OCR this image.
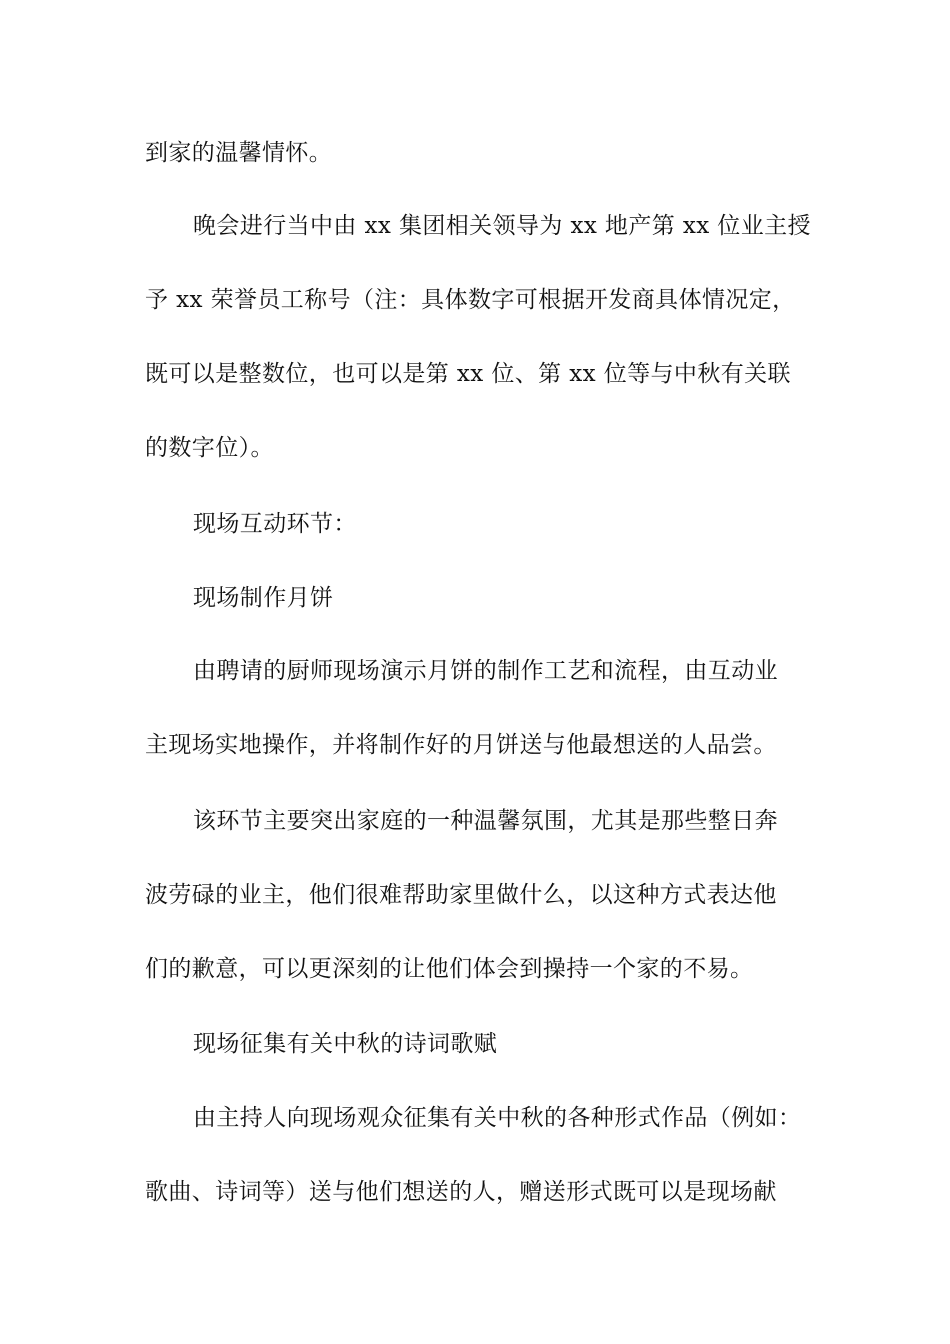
到家的温馨情怀。
晚会进行当中由 xx 集团相关领导为 xx 地产第 xx 位业主授
予 xx 荣誉员工称号（注：具体数字可根据开发商具体情况定，
既可以是整数位，也可以是第 xx 位、第 xx 位等与中秋有关联
的数字位）。
现场互动环节：
现场制作月饼
由聘请的厨师现场演示月饼的制作工艺和流程，由互动业
主现场实地操作，并将制作好的月饼送与他最想送的人品尝。
该环节主要突出家庭的一种温馨氛围，尤其是那些整日奔
波劳碌的业主，他们很难帮助家里做什么，以这种方式表达他
们的歉意，可以更深刻的让他们体会到操持一个家的不易。
现场征集有关中秋的诗词歌赋
由主持人向现场观众征集有关中秋的各种形式作品（例如：
歌曲、诗词等）送与他们想送的人，赠送形式既可以是现场献
